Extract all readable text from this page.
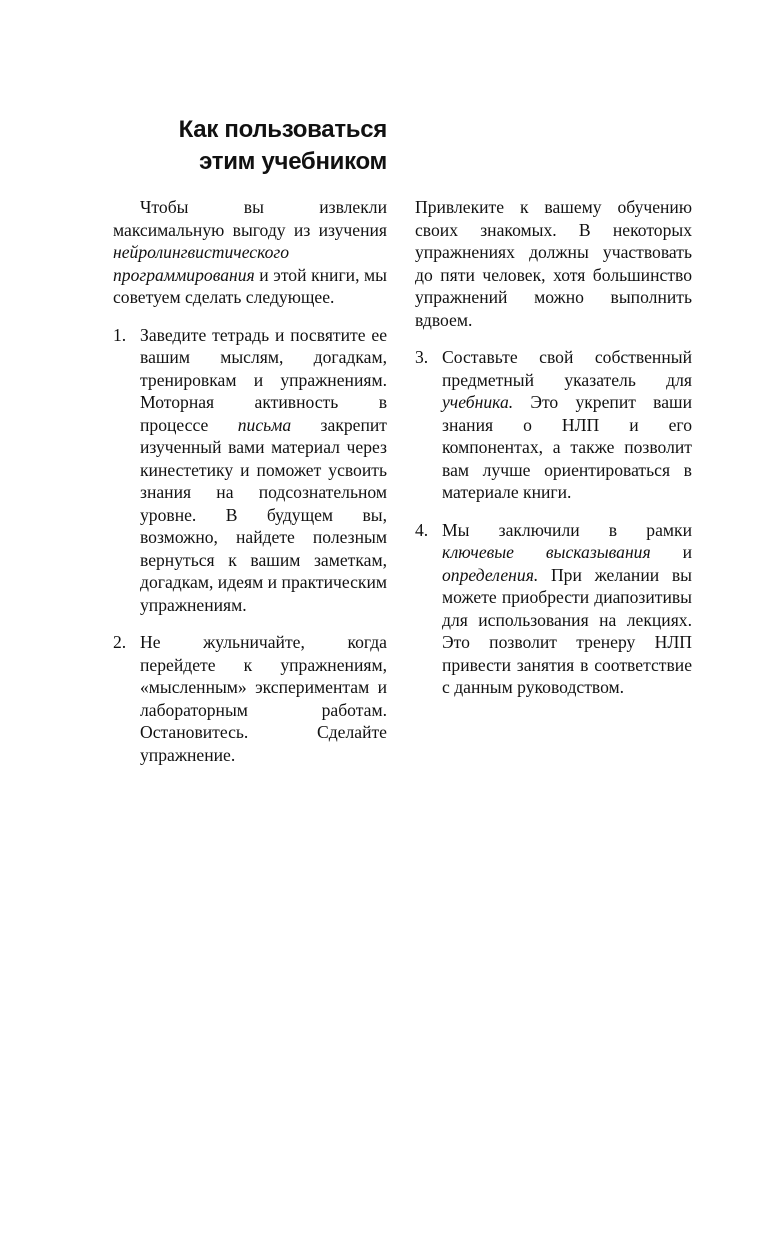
Как пользоваться
этим учебником

Чтобы вы извлекли максимальную выгоду из изучения нейролингвистического программирования и этой книги, мы советуем сделать следующее.

1. Заведите тетрадь и посвятите ее вашим мыслям, догадкам, тренировкам и упражнениям. Моторная активность в процессе письма закрепит изученный вами материал через кинестетику и поможет усвоить знания на подсознательном уровне. В будущем вы, возможно, найдете полезным вернуться к вашим заметкам, догадкам, идеям и практическим упражнениям.

2. Не жульничайте, когда перейдете к упражнениям, «мысленным» экспериментам и лабораторным работам. Остановитесь. Сделайте упражнение.

Привлеките к вашему обучению своих знакомых. В некоторых упражнениях должны участвовать до пяти человек, хотя большинство упражнений можно выполнить вдвоем.

3. Составьте свой собственный предметный указатель для учебника. Это укрепит ваши знания о НЛП и его компонентах, а также позволит вам лучше ориентироваться в материале книги.

4. Мы заключили в рамки ключевые высказывания и определения. При желании вы можете приобрести диапозитивы для использования на лекциях. Это позволит тренеру НЛП привести занятия в соответствие с данным руководством.
